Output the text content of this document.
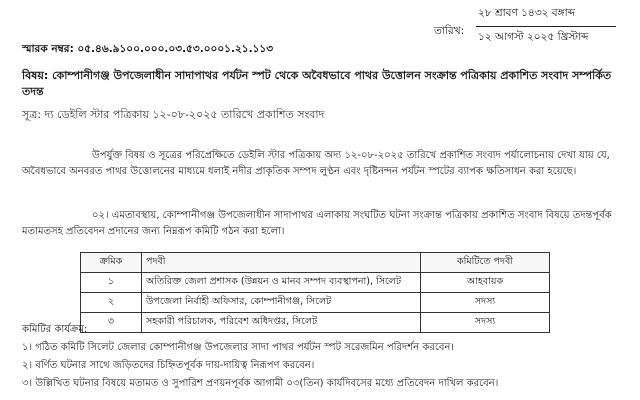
২৮ শ্রাবণ ১৪৩২ বঙ্গাব্দ
তারিখ: ১২ আগস্ট ২০২৫ খ্রিস্টাব্দ
স্মারক নম্বর: ০৫.৪৬.৯১০০.০০০.০৩.৫৩.০০০১.২১.১১৩
বিষয়: কোম্পানীগঞ্জ উপজেলাধীন সাদাপাথর পর্যটন স্পট থেকে অবৈধভাবে পাথর উত্তোলন সংক্রান্ত পত্রিকায় প্রকাশিত সংবাদ সম্পর্কিত তদন্ত
সূত্র: দ্য ডেইলি স্টার পত্রিকায় ১২-০৮-২০২৫ তারিখে প্রকাশিত সংবাদ
উপর্যুক্ত বিষয় ও সূত্রের পরিপ্রেক্ষিতে ডেইলি স্টার পত্রিকায় অদ্য ১২-০৮-২০২৫ তারিখে প্রকাশিত সংবাদ পর্যালোচনায় দেখা যায় যে, অবৈধভাবে অনবরত পাথর উত্তোলনের মাধ্যমে ধলাই নদীর প্রাকৃতিক সম্পদ লুণ্ঠন এবং দৃষ্টিনন্দন পর্যটন স্পটের ব্যাপক ক্ষতিসাধন করা হয়েছে।
০২। এমতাবস্থায়, কোম্পানীগঞ্জ উপজেলাধীন সাদাপাথর এলাকায় সংঘটিত ঘটনা সংক্রান্ত পত্রিকায় প্রকাশিত সংবাদ বিষয়ে তদন্তপূর্বক মতামতসহ প্রতিবেদন প্রদানের জন্য নিম্নরূপ কমিটি গঠন করা হলো।
ক্রমিক	পদবী	কমিটিতে পদবী
১	অতিরিক্ত জেলা প্রশাসক (উন্নয়ন ও মানব সম্পদ ব্যবস্থাপনা), সিলেট	আহবায়ক
২	উপজেলা নির্বাহী অফিসার, কোম্পানীগঞ্জ, সিলেট	সদস্য
৩	সহকারী পরিচালক, পরিবেশ অধিদপ্তর, সিলেট	সদস্য
কমিটির কার্যক্রম:
১। গঠিত কমিটি সিলেট জেলার কোম্পানীগঞ্জ উপজেলার সাদা পাথর পর্যটন স্পট সরেজমিন পরিদর্শন করবেন।
২। বর্ণিত ঘটনার সাথে জড়িতদের চিহ্নিতপূর্বক দায়-দায়িত্ব নিরূপণ করবেন।
৩। উল্লিখিত ঘটনার বিষয়ে মতামত ও সুপারিশ প্রণয়নপূর্বক আগামী ০৩(তিন) কার্যদিবসের মধ্যে প্রতিবেদন দাখিল করবেন।
